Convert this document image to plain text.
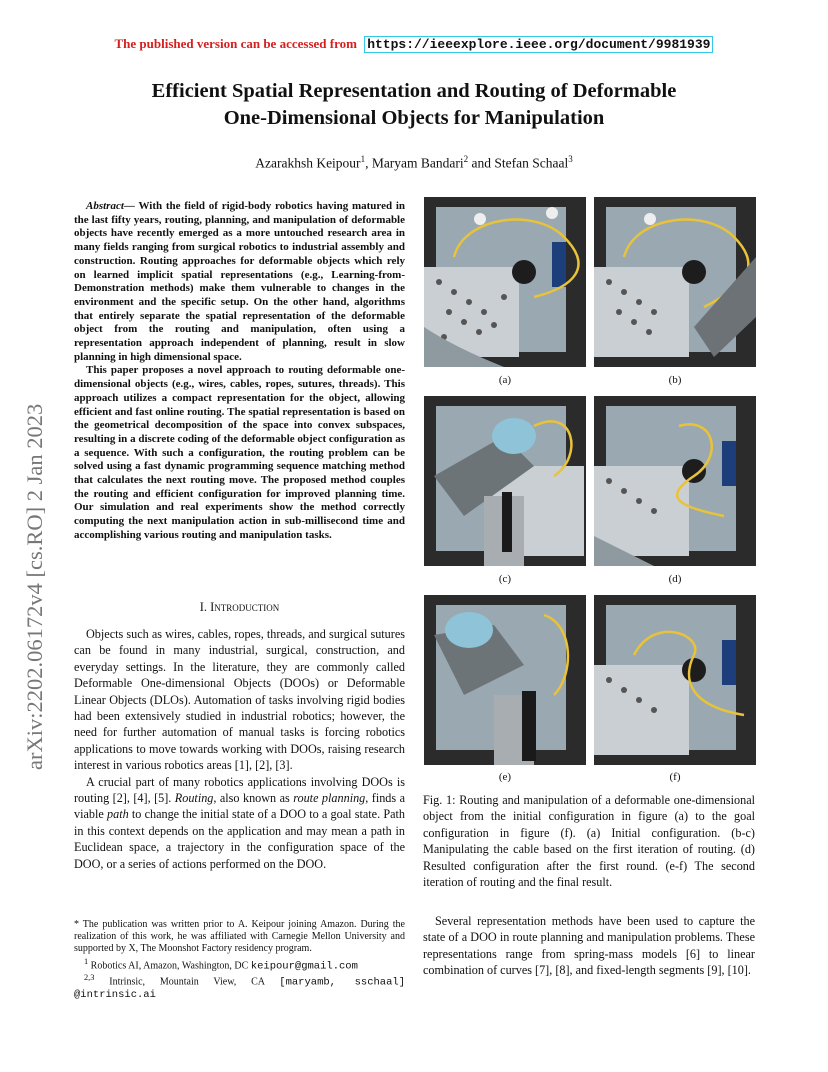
The published version can be accessed from https://ieeexplore.ieee.org/document/9981939
Efficient Spatial Representation and Routing of Deformable
One-Dimensional Objects for Manipulation
Azarakhsh Keipour$^1$, Maryam Bandari$^2$ and Stefan Schaal$^3$
arXiv:2202.06172v4 [cs.RO] 2 Jan 2023

Abstract— With the field of rigid-body robotics having matured in the last fifty years, routing, planning, and manipulation of deformable objects have recently emerged as a more untouched research area in many fields ranging from surgical robotics to industrial assembly and construction. Routing approaches for deformable objects which rely on learned implicit spatial representations (e.g., Learning-from-Demonstration methods) make them vulnerable to changes in the environment and the specific setup. On the other hand, algorithms that entirely separate the spatial representation of the deformable object from the routing and manipulation, often using a representation approach independent of planning, result in slow planning in high dimensional space.

This paper proposes a novel approach to routing deformable one-dimensional objects (e.g., wires, cables, ropes, sutures, threads). This approach utilizes a compact representation for the object, allowing efficient and fast online routing. The spatial representation is based on the geometrical decomposition of the space into convex subspaces, resulting in a discrete coding of the deformable object configuration as a sequence. With such a configuration, the routing problem can be solved using a fast dynamic programming sequence matching method that calculates the next routing move. The proposed method couples the routing and efficient configuration for improved planning time. Our simulation and real experiments show the method correctly computing the next manipulation action in sub-millisecond time and accomplishing various routing and manipulation tasks.

I. Introduction

Objects such as wires, cables, ropes, threads, and surgical sutures can be found in many industrial, surgical, construction, and everyday settings. In the literature, they are commonly called Deformable One-dimensional Objects (DOOs) or Deformable Linear Objects (DLOs). Automation of tasks involving rigid bodies had been extensively studied in industrial robotics; however, the need for further automation of manual tasks is forcing robotics applications to move towards working with DOOs, raising research interest in various robotics areas [1], [2], [3].

A crucial part of many robotics applications involving DOOs is routing [2], [4], [5]. Routing, also known as route planning, finds a viable path to change the initial state of a DOO to a goal state. Path in this context depends on the application and may mean a path in Euclidean space, a trajectory in the configuration space of the DOO, or a series of actions performed on the DOO.

* The publication was written prior to A. Keipour joining Amazon. During the realization of this work, he was affiliated with Carnegie Mellon University and supported by X, The Moonshot Factory residency program.
$^1$ Robotics AI, Amazon, Washington, DC keipour@gmail.com
$^{2,3}$ Intrinsic, Mountain View, CA [maryamb, sschaal] @intrinsic.ai
(a)	(b)
(c)	(d)
(e)	(f)
Fig. 1: Routing and manipulation of a deformable one-dimensional object from the initial configuration in figure (a) to the goal configuration in figure (f). (a) Initial configuration. (b-c) Manipulating the cable based on the first iteration of routing. (d) Resulted configuration after the first round. (e-f) The second iteration of routing and the final result.
Several representation methods have been used to capture the state of a DOO in route planning and manipulation problems. These representations range from spring-mass models [6] to linear combination of curves [7], [8], and fixed-length segments [9], [10].
